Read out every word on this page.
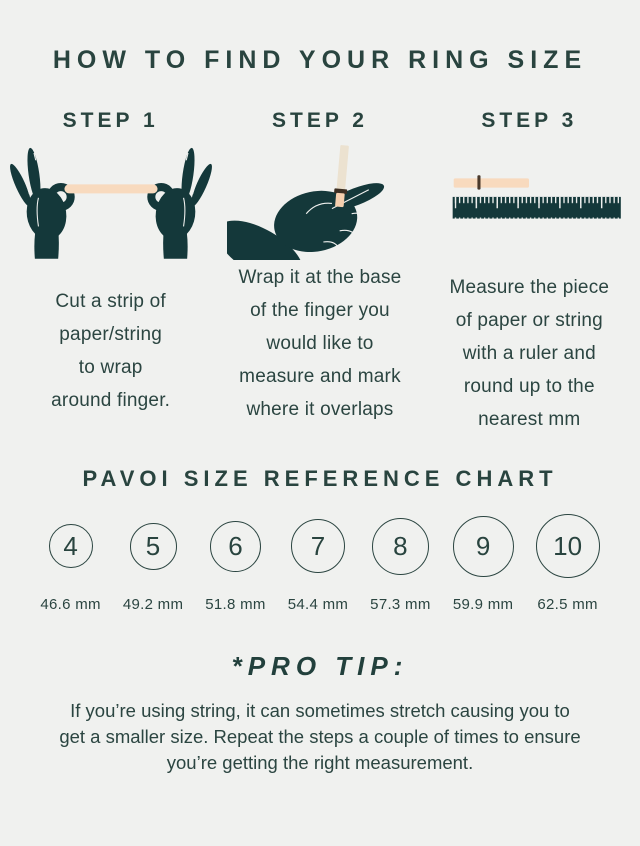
HOW TO FIND YOUR RING SIZE
STEP 1
Cut a strip of
paper/string
to wrap
around finger.
STEP 2
Wrap it at the base
of the finger you
would like to
measure and mark
where it overlaps
STEP 3
Measure the piece
of paper or string
with a ruler and
round up to the
nearest mm
PAVOI SIZE REFERENCE CHART
4
46.6 mm
5
49.2 mm
6
51.8 mm
7
54.4 mm
8
57.3 mm
9
59.9 mm
10
62.5 mm
*PRO TIP:
If you’re using string, it can sometimes stretch causing you to
get a smaller size. Repeat the steps a couple of times to ensure
you’re getting the right measurement.
